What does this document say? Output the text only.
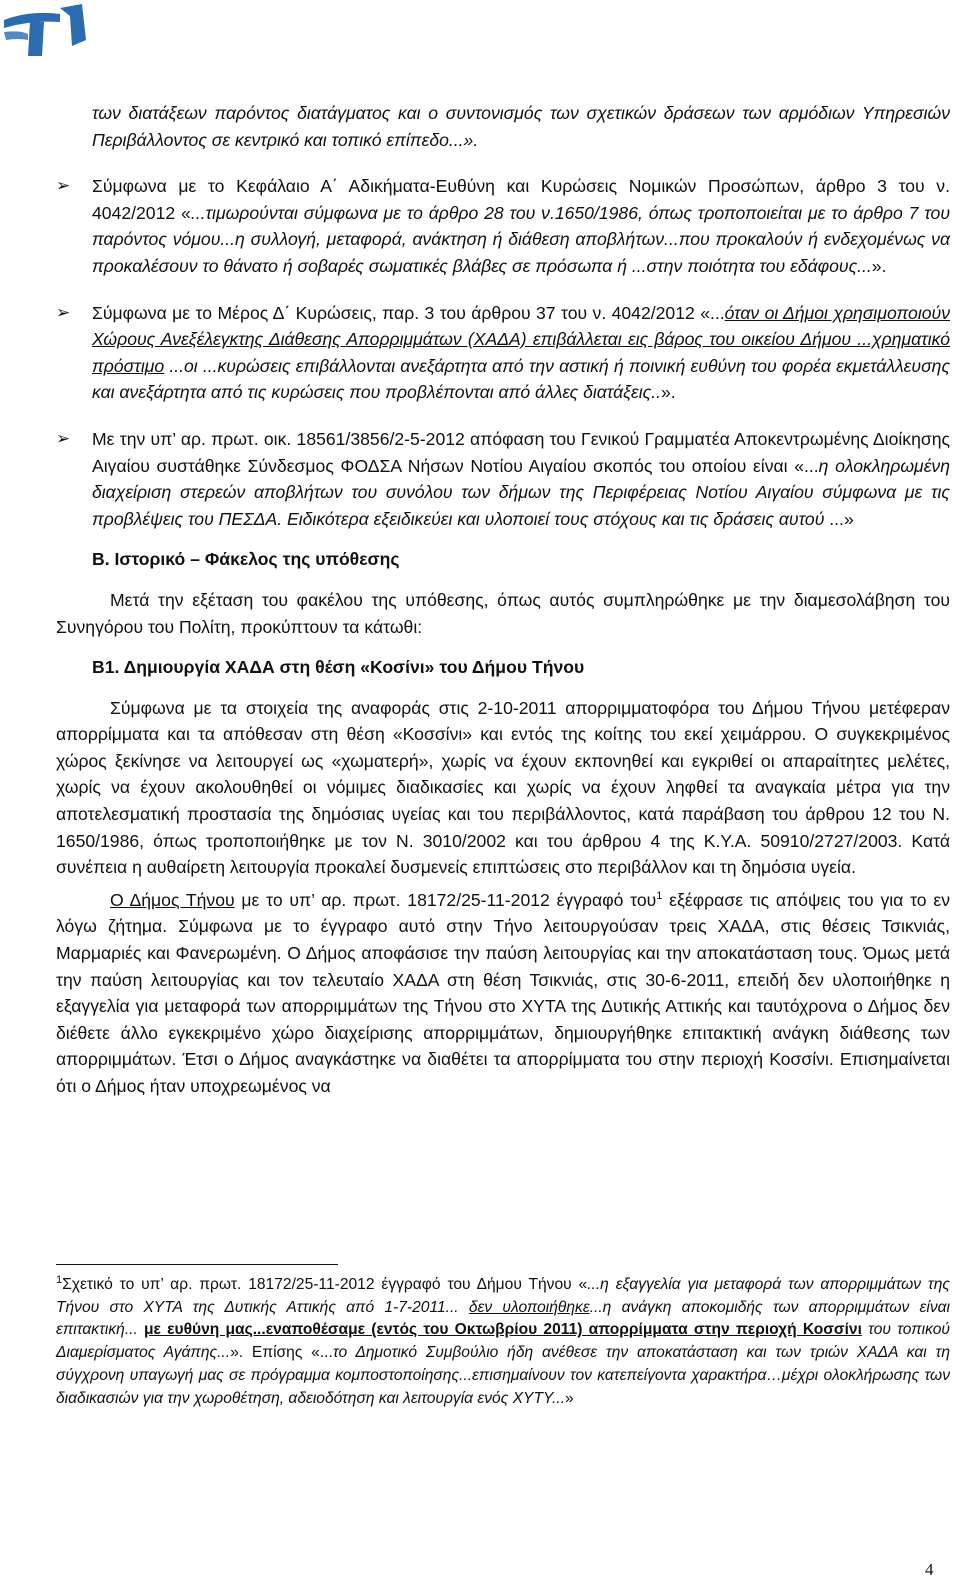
των διατάξεων παρόντος διατάγματος και ο συντονισμός των σχετικών δράσεων των αρμόδιων Υπηρεσιών Περιβάλλοντος σε κεντρικό και τοπικό επίπεδο...».

➢ Σύμφωνα με το Κεφάλαιο Α΄ Αδικήματα-Ευθύνη και Κυρώσεις Νομικών Προσώπων, άρθρο 3 του ν. 4042/2012 «...τιμωρούνται σύμφωνα με το άρθρο 28 του ν.1650/1986, όπως τροποποιείται με το άρθρο 7 του παρόντος νόμου...η συλλογή, μεταφορά, ανάκτηση ή διάθεση αποβλήτων...που προκαλούν ή ενδεχομένως να προκαλέσουν το θάνατο ή σοβαρές σωματικές βλάβες σε πρόσωπα ή ...στην ποιότητα του εδάφους...».

➢ Σύμφωνα με το Μέρος Δ΄ Κυρώσεις, παρ. 3 του άρθρου 37 του ν. 4042/2012 «...όταν οι Δήμοι χρησιμοποιούν Χώρους Ανεξέλεγκτης Διάθεσης Απορριμμάτων (ΧΑΔΑ) επιβάλλεται εις βάρος του οικείου Δήμου ...χρηματικό πρόστιμο ...οι ...κυρώσεις επιβάλλονται ανεξάρτητα από την αστική ή ποινική ευθύνη του φορέα εκμετάλλευσης και ανεξάρτητα από τις κυρώσεις που προβλέπονται από άλλες διατάξεις..».

➢ Με την υπ’ αρ. πρωτ. οικ. 18561/3856/2-5-2012 απόφαση του Γενικού Γραμματέα Αποκεντρωμένης Διοίκησης Αιγαίου συστάθηκε Σύνδεσμος ΦΟΔΣΑ Νήσων Νοτίου Αιγαίου σκοπός του οποίου είναι «...η ολοκληρωμένη διαχείριση στερεών αποβλήτων του συνόλου των δήμων της Περιφέρειας Νοτίου Αιγαίου σύμφωνα με τις προβλέψεις του ΠΕΣΔΑ. Ειδικότερα εξειδικεύει και υλοποιεί τους στόχους και τις δράσεις αυτού ...»

Β. Ιστορικό – Φάκελος της υπόθεσης

Μετά την εξέταση του φακέλου της υπόθεσης, όπως αυτός συμπληρώθηκε με την διαμεσολάβηση του Συνηγόρου του Πολίτη, προκύπτουν τα κάτωθι:

Β1. Δημιουργία ΧΑΔΑ στη θέση «Κοσίνι» του Δήμου Τήνου

Σύμφωνα με τα στοιχεία της αναφοράς στις 2-10-2011 απορριμματοφόρα του Δήμου Τήνου μετέφεραν απορρίμματα και τα απόθεσαν στη θέση «Κοσσίνι» και εντός της κοίτης του εκεί χειμάρρου. Ο συγκεκριμένος χώρος ξεκίνησε να λειτουργεί ως «χωματερή», χωρίς να έχουν εκπονηθεί και εγκριθεί οι απαραίτητες μελέτες, χωρίς να έχουν ακολουθηθεί οι νόμιμες διαδικασίες και χωρίς να έχουν ληφθεί τα αναγκαία μέτρα για την αποτελεσματική προστασία της δημόσιας υγείας και του περιβάλλοντος, κατά παράβαση του άρθρου 12 του Ν. 1650/1986, όπως τροποποιήθηκε με τον Ν. 3010/2002 και του άρθρου 4 της Κ.Υ.Α. 50910/2727/2003. Κατά συνέπεια η αυθαίρετη λειτουργία προκαλεί δυσμενείς επιπτώσεις στο περιβάλλον και τη δημόσια υγεία.

Ο Δήμος Τήνου με το υπ’ αρ. πρωτ. 18172/25-11-2012 έγγραφό του$^1$ εξέφρασε τις απόψεις του για το εν λόγω ζήτημα. Σύμφωνα με το έγγραφο αυτό στην Τήνο λειτουργούσαν τρεις ΧΑΔΑ, στις θέσεις Τσικνιάς, Μαρμαριές και Φανερωμένη. Ο Δήμος αποφάσισε την παύση λειτουργίας και την αποκατάσταση τους. Όμως μετά την παύση λειτουργίας και τον τελευταίο ΧΑΔΑ στη θέση Τσικνιάς, στις 30-6-2011, επειδή δεν υλοποιήθηκε η εξαγγελία για μεταφορά των απορριμμάτων της Τήνου στο ΧΥΤΑ της Δυτικής Αττικής και ταυτόχρονα ο Δήμος δεν διέθετε άλλο εγκεκριμένο χώρο διαχείρισης απορριμμάτων, δημιουργήθηκε επιτακτική ανάγκη διάθεσης των απορριμμάτων. Έτσι ο Δήμος αναγκάστηκε να διαθέτει τα απορρίμματα του στην περιοχή Κοσσίνι. Επισημαίνεται ότι ο Δήμος ήταν υποχρεωμένος να

$^1$Σχετικό το υπ’ αρ. πρωτ. 18172/25-11-2012 έγγραφό του Δήμου Τήνου «...η εξαγγελία για μεταφορά των απορριμμάτων της Τήνου στο ΧΥΤΑ της Δυτικής Αττικής από 1-7-2011... δεν υλοποιήθηκε...η ανάγκη αποκομιδής των απορριμμάτων είναι επιτακτική... με ευθύνη μας...εναποθέσαμε (εντός του Οκτωβρίου 2011) απορρίμματα στην περιοχή Κοσσίνι του τοπικού Διαμερίσματος Αγάπης...». Επίσης «...το Δημοτικό Συμβούλιο ήδη ανέθεσε την αποκατάσταση και των τριών ΧΑΔΑ και τη σύγχρονη υπαγωγή μας σε πρόγραμμα κομποστοποίησης...επισημαίνουν τον κατεπείγοντα χαρακτήρα…μέχρι ολοκλήρωσης των διαδικασιών για την χωροθέτηση, αδειοδότηση και λειτουργία ενός ΧΥΤΥ...»
4
